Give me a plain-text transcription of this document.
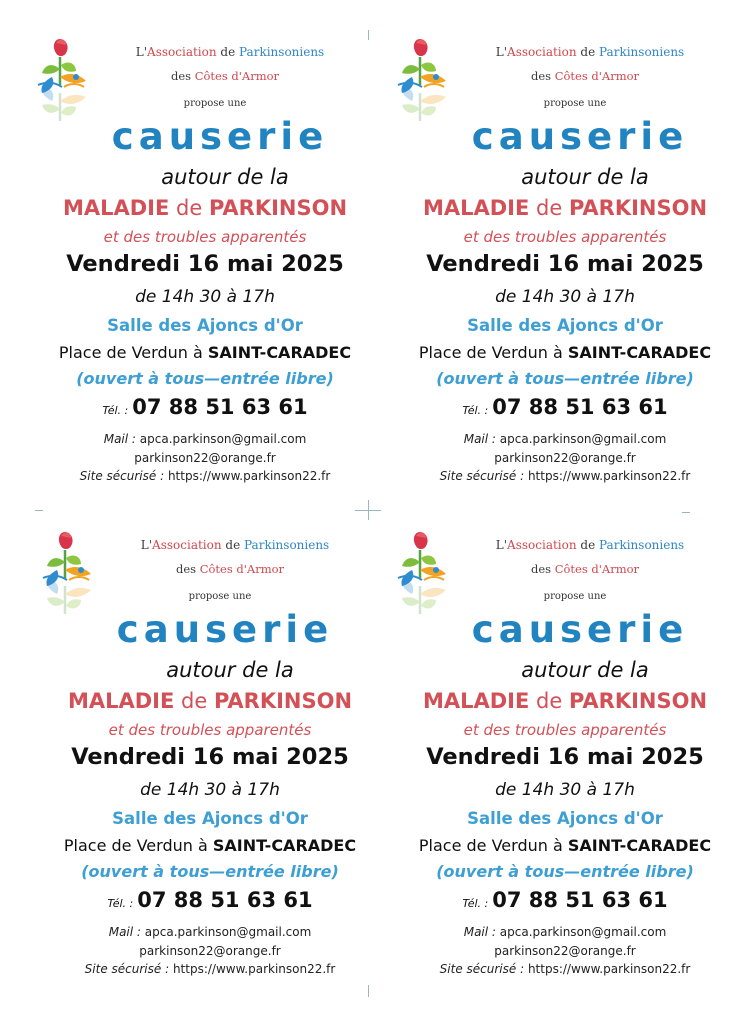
L'Association de Parkinsoniens
des Côtes d'Armor
propose une
causerie
autour de la
MALADIE de PARKINSON
et des troubles apparentés
Vendredi 16 mai 2025
de 14h 30 à 17h
Salle des Ajoncs d'Or
Place de Verdun à SAINT-CARADEC
(ouvert à tous—entrée libre)
Tél. : 07 88 51 63 61
Mail : apca.parkinson@gmail.com
parkinson22@orange.fr
Site sécurisé : https://www.parkinson22.fr
L'Association de Parkinsoniens
des Côtes d'Armor
propose une
causerie
autour de la
MALADIE de PARKINSON
et des troubles apparentés
Vendredi 16 mai 2025
de 14h 30 à 17h
Salle des Ajoncs d'Or
Place de Verdun à SAINT-CARADEC
(ouvert à tous—entrée libre)
Tél. : 07 88 51 63 61
Mail : apca.parkinson@gmail.com
parkinson22@orange.fr
Site sécurisé : https://www.parkinson22.fr
L'Association de Parkinsoniens
des Côtes d'Armor
propose une
causerie
autour de la
MALADIE de PARKINSON
et des troubles apparentés
Vendredi 16 mai 2025
de 14h 30 à 17h
Salle des Ajoncs d'Or
Place de Verdun à SAINT-CARADEC
(ouvert à tous—entrée libre)
Tél. : 07 88 51 63 61
Mail : apca.parkinson@gmail.com
parkinson22@orange.fr
Site sécurisé : https://www.parkinson22.fr
L'Association de Parkinsoniens
des Côtes d'Armor
propose une
causerie
autour de la
MALADIE de PARKINSON
et des troubles apparentés
Vendredi 16 mai 2025
de 14h 30 à 17h
Salle des Ajoncs d'Or
Place de Verdun à SAINT-CARADEC
(ouvert à tous—entrée libre)
Tél. : 07 88 51 63 61
Mail : apca.parkinson@gmail.com
parkinson22@orange.fr
Site sécurisé : https://www.parkinson22.fr
